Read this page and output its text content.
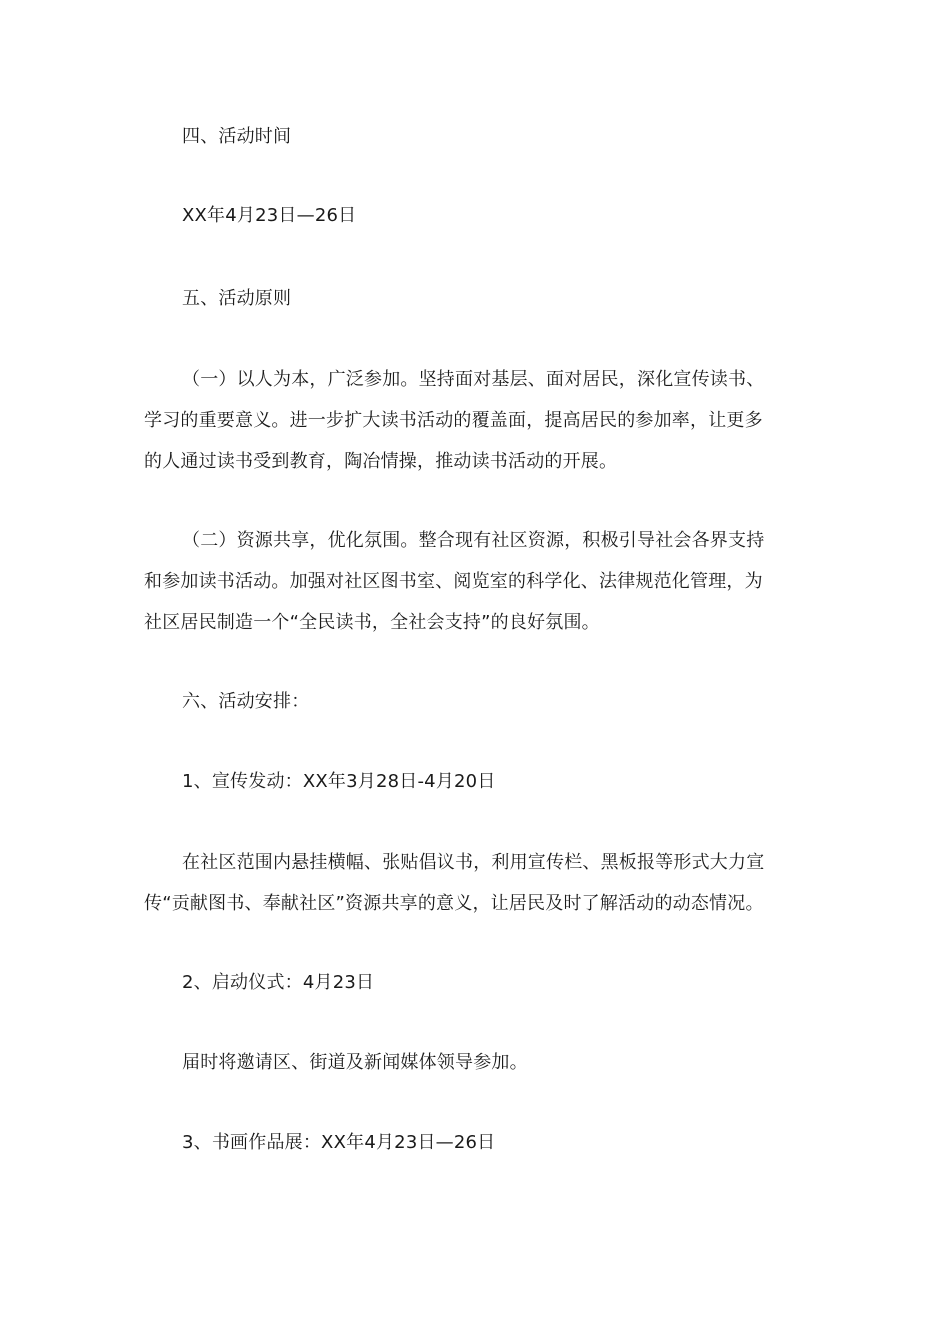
四、活动时间
XX年4月23日—26日
五、活动原则
（一）以人为本，广泛参加。坚持面对基层、面对居民，深化宣传读书、
学习的重要意义。进一步扩大读书活动的覆盖面，提高居民的参加率，让更多
的人通过读书受到教育，陶冶情操，推动读书活动的开展。
（二）资源共享，优化氛围。整合现有社区资源，积极引导社会各界支持
和参加读书活动。加强对社区图书室、阅览室的科学化、法律规范化管理，为
社区居民制造一个“全民读书，全社会支持”的良好氛围。
六、活动安排：
1、宣传发动：XX年3月28日-4月20日
在社区范围内悬挂横幅、张贴倡议书，利用宣传栏、黑板报等形式大力宣
传“贡献图书、奉献社区”资源共享的意义，让居民及时了解活动的动态情况。
2、启动仪式：4月23日
届时将邀请区、街道及新闻媒体领导参加。
3、书画作品展：XX年4月23日—26日
